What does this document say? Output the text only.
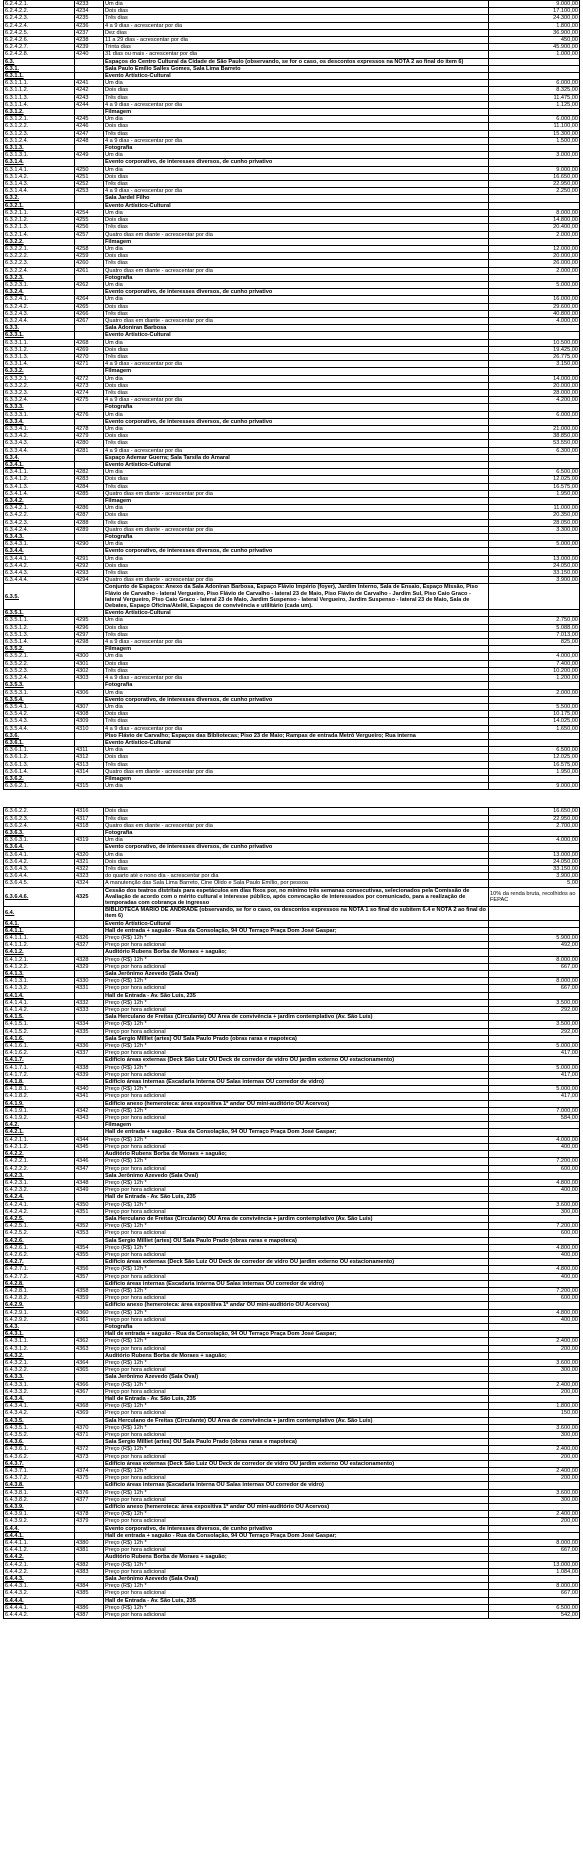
6.2.4.2.1.	4233	Um dia	9.000,00
6.2.4.2.2.	4234	Dois dias	17.100,00
6.2.4.2.3.	4235	Três dias	24.300,00
6.2.4.2.4.	4236	4 a 9 dias - acrescentar por dia	1.800,00
6.2.4.2.5.	4237	Dez dias	36.900,00
6.2.4.2.6.	4238	11 a 29 dias - acrescentar por dia	450,00
6.2.4.2.7.	4239	Trinta dias	45.900,00
6.2.4.2.8.	4240	31 dias ou mais - acrescentar por dia	1.000,00
6.3.		Espaços do Centro Cultural da Cidade de São Paulo (observando, se for o caso, os descontos expressos na NOTA 2 ao final do item 6)	
6.3.1.		Sala Paulo Emílio Salles Gomes, Sala Lima Barreto	
6.3.1.1.		Evento Artístico-Cultural	
6.3.1.1.1.	4241	Um dia	6.000,00
6.3.1.1.2.	4242	Dois dias	8.325,00
6.3.1.1.3.	4243	Três dias	11.475,00
6.3.1.1.4.	4244	4 a 9 dias - acrescentar por dia	1.125,00
6.3.1.2.		Filmagem	
6.3.1.2.1.	4245	Um dia	6.000,00
6.3.1.2.2.	4246	Dois dias	11.100,00
6.3.1.2.3.	4247	Três dias	15.300,00
6.3.1.2.4.	4248	4 a 9 dias - acrescentar por dia	1.500,00
6.3.1.3.		Fotografia	
6.3.1.3.1.	4249	Um dia	3.000,00
6.3.1.4.		Evento corporativo, de interesses diversos, de cunho privativo	
6.3.1.4.1.	4250	Um dia	9.000,00
6.3.1.4.2.	4251	Dois dias	16.650,00
6.3.1.4.3.	4252	Três dias	22.950,00
6.3.1.4.4.	4253	4 a 9 dias - acrescentar por dia	2.250,00
6.3.2.		Sala Jardel Filho	
6.3.2.1.		Evento Artístico-Cultural	
6.3.2.1.1.	4254	Um dia	8.000,00
6.3.2.1.2.	4255	Dois dias	14.800,00
6.3.2.1.3.	4256	Três dias	20.400,00
6.3.2.1.4.	4257	Quatro dias em diante - acrescentar por dia	2.000,00
6.3.2.2.		Filmagem	
6.3.2.2.1.	4258	Um dia	12.000,00
6.3.2.2.2.	4259	Dois dias	20.000,00
6.3.2.2.3.	4260	Três dias	26.000,00
6.3.2.2.4.	4261	Quatro dias em diante - acrescentar por dia	2.000,00
6.3.2.3.		Fotografia	
6.3.2.3.1.	4262	Um dia	5.000,00
6.3.2.4.		Evento corporativo, de interesses diversos, de cunho privativo	
6.3.2.4.1.	4264	Um dia	16.000,00
6.3.2.4.2.	4265	Dois dias	29.600,00
6.3.2.4.3.	4266	Três dias	40.800,00
6.3.2.4.4.	4267	Quatro dias em diante - acrescentar por dia	4.000,00
6.3.3.		Sala Adoniran Barbosa	
6.3.3.1.		Evento Artístico-Cultural	
6.3.3.1.1.	4268	Um dia	10.500,00
6.3.3.1.2.	4269	Dois dias	19.425,00
6.3.3.1.3.	4270	Três dias	26.775,00
6.3.3.1.4.	4271	4 a 9 dias - acrescentar por dia	3.150,00
6.3.3.2.		Filmagem	
6.3.3.2.1.	4272	Um dia	14.000,00
6.3.3.2.2.	4273	Dois dias	20.000,00
6.3.3.2.3.	4274	Três dias	28.000,00
6.3.3.2.4.	4275	4 a 9 dias - acrescentar por dia	4.200,00
6.3.3.3.		Fotografia	
6.3.3.3.1.	4276	Um dia	6.000,00
6.3.3.4.		Evento corporativo, de interesses diversos, de cunho privativo	
6.3.3.4.1.	4278	Um dia	21.000,00
6.3.3.4.2.	4279	Dois dias	38.850,00
6.3.3.4.3.	4280	Três dias	53.550,00
6.3.3.4.4.	4281	4 a 9 dias - acrescentar por dia	6.300,00
6.3.4.		Espaço Ademar Guerra; Sala Tarsila do Amaral	
6.3.4.1.		Evento Artístico-Cultural	
6.3.4.1.1.	4282	Um dia	6.500,00
6.3.4.1.2.	4283	Dois dias	12.025,00
6.3.4.1.3.	4284	Três dias	16.575,00
6.3.4.1.4.	4285	Quatro dias em diante - acrescentar por dia	1.950,00
6.3.4.2.		Filmagem	
6.3.4.2.1.	4286	Um dia	11.000,00
6.3.4.2.2.	4287	Dois dias	20.350,00
6.3.4.2.3.	4288	Três dias	28.050,00
6.3.4.2.4.	4289	Quatro dias em diante - acrescentar por dia	3.300,00
6.3.4.3.		Fotografia	
6.3.4.3.1.	4290	Um dia	5.000,00
6.3.4.4.		Evento corporativo, de interesses diversos, de cunho privativo	
6.3.4.4.1.	4291	Um dia	13.000,00
6.3.4.4.2.	4292	Dois dias	24.050,00
6.3.4.4.3.	4293	Três dias	33.150,00
6.3.4.4.4.	4294	Quatro dias em diante - acrescentar por dia	3.900,00
6.3.5.		Conjunto de Espaços: Anexo da Sala Adoniran Barbosa, Espaço Flávio Império (foyer), Jardim Interno, Sala de Ensaio, Espaço Missão, Piso Flávio de Carvalho - lateral Vergueiro, Piso Flávio de Carvalho - lateral 23 de Maio, Piso Flávio de Carvalho - Jardim Sul, Piso Caio Graco - lateral Vergueiro, Piso Caio Graco - lateral 23 de Maio, Jardim Suspenso - lateral Vergueiro, Jardim Suspenso - lateral 23 de Maio, Sala de Debates, Espaço Oficina/Ateliê, Espaços de convivência e utilitário (cada um).	
6.3.5.1.		Evento Artístico-Cultural	
6.3.5.1.1.	4295	Um dia	2.750,00
6.3.5.1.2.	4296	Dois dias	5.088,00
6.3.5.1.3.	4297	Três dias	7.013,00
6.3.5.1.4.	4298	4 a 9 dias - acrescentar por dia	825,00
6.3.5.2.		Filmagem	
6.3.5.2.1.	4300	Um dia	4.000,00
6.3.5.2.2.	4301	Dois dias	7.400,00
6.3.5.2.3.	4302	Três dias	10.200,00
6.3.5.2.4.	4303	4 a 9 dias - acrescentar por dia	1.200,00
6.3.5.3.		Fotografia	
6.3.5.3.1.	4306	Um dia	2.000,00
6.3.5.4.		Evento corporativo, de interesses diversos, de cunho privativo	
6.3.5.4.1.	4307	Um dia	5.500,00
6.3.5.4.2.	4308	Dois dias	10.175,00
6.3.5.4.3.	4309	Três dias	14.025,00
6.3.5.4.4.	4310	4 a 9 dias - acrescentar por dia	1.650,00
6.3.6.		Piso Flávio de Carvalho; Espaços das Bibliotecas; Piso 23 de Maio; Rampas de entrada Metrô Vergueiro; Rua interna	
6.3.6.1.		Evento Artístico-Cultural	
6.3.6.1.1.	4311	Um dia	6.500,00
6.3.6.1.2.	4312	Dois dias	12.025,00
6.3.6.1.3.	4313	Três dias	16.575,00
6.3.6.1.4.	4314	Quatro dias em diante - acrescentar por dia	1.950,00
6.3.6.2.		Filmagem	
6.3.6.2.1.	4315	Um dia	9.000,00
6.3.6.2.2.	4316	Dois dias	16.650,00
6.3.6.2.3.	4317	Três dias	22.950,00
6.3.6.2.4.	4318	Quatro dias em diante - acrescentar por dia	2.700,00
6.3.6.3.		Fotografia	
6.3.6.3.1.	4319	Um dia	4.000,00
6.3.6.4.		Evento corporativo, de interesses diversos, de cunho privativo	
6.3.6.4.1.	4320	Um dia	13.000,00
6.3.6.4.2.	4321	Dois dias	24.050,00
6.3.6.4.3.	4322	Três dias	33.150,00
6.3.6.4.4.	4323	do quarto até o nono dia - acrescentar por dia	3.900,00
6.3.6.4.5.	4324	A manutenção das Sala Lima Barreto, Cine Olido e Sala Paulo Emílio, por pessoa	5,00
6.3.6.4.6.	4325	Cessão dos teatros distritais para espetáculos em dias fixos por, no mínimo três semanas consecutivas, selecionados pela Comissão de Avaliação de acordo com o mérito cultural e interesse público, após convocação de interessados por comunicado, para a realização de temporadas com cobrança de ingresso	10% da renda bruta, recolhidos ao FEPAC
6.4.		BIBLIOTECA MÁRIO DE ANDRADE (observando, se for o caso, os descontos expressos na NOTA 1 so final do subitem 6.4 e NOTA 2 ao final do item 6)	
6.4.1.		Evento Artístico-Cultural	
6.4.1.1.		Hall de entrada + saguão - Rua da Consolação, 94 OU Terraço Praça Dom José Gaspar;	
6.4.1.1.1.	4326	Preço (R$) 12h *	5.900,00
6.4.1.1.2.	4327	Preço por hora adicional	492,00
6.4.1.2.		Auditório Rubens Borba de Moraes + saguão;	
6.4.1.2.1.	4328	Preço (R$) 12h *	8.000,00
6.4.1.2.2.	4329	Preço por hora adicional	667,00
6.4.1.3.		Sala Jerônimo Azevedo (Sala Oval)	
6.4.1.3.1.	4330	Preço (R$) 12h *	8.000,00
6.4.1.3.2.	4331	Preço por hora adicional	667,00
6.4.1.4.		Hall de Entrada - Av. São Luis, 235	
6.4.1.4.1.	4332	Preço (R$) 12h *	3.500,00
6.4.1.4.2.	4333	Preço por hora adicional	292,00
6.4.1.5.		Sala Herculano de Freitas (Circulante) OU Área de convivência + jardim contemplativo (Av. São Luis)	
6.4.1.5.1.	4334	Preço (R$) 12h *	3.500,00
6.4.1.5.2.	4335	Preço por hora adicional	292,00
6.4.1.6.		Sala Sergio Milliet (artes) OU Sala Paulo Prado (obras raras e mapoteca)	
6.4.1.6.1.	4336	Preço (R$) 12h *	5.000,00
6.4.1.6.2.	4337	Preço por hora adicional	417,00
6.4.1.7.		Edifício áreas externas (Deck São Luiz OU Deck de corredor de vidro OU jardim externo OU estacionamento)	
6.4.1.7.1.	4338	Preço (R$) 12h *	5.000,00
6.4.1.7.2.	4339	Preço por hora adicional	417,00
6.4.1.8.		Edifício áreas internas (Escadaria interna OU Salas internas OU corredor de vidro)	
6.4.1.8.1.	4340	Preço (R$) 12h *	5.000,00
6.4.1.8.2.	4341	Preço por hora adicional	417,00
6.4.1.9.		Edifício anexo (hemeroteca: área expositiva 1º andar OU mini-auditório OU Acervos)	
6.4.1.9.1.	4342	Preço (R$) 12h *	7.000,00
6.4.1.9.2.	4343	Preço por hora adicional	584,00
6.4.2.		Filmagem	
6.4.2.1.		Hall de entrada + saguão - Rua da Consolação, 94 OU Terraço Praça Dom José Gaspar;	
6.4.2.1.1.	4344	Preço (R$) 12h *	4.000,00
6.4.2.1.2.	4345	Preço por hora adicional	400,00
6.4.2.2.		Auditório Rubens Borba de Moraes + saguão;	
6.4.2.2.1.	4346	Preço (R$) 12h *	7.200,00
6.4.2.2.2.	4347	Preço por hora adicional	600,00
6.4.2.3.		Sala Jerônimo Azevedo (Sala Oval)	
6.4.2.3.1.	4348	Preço (R$) 12h *	4.800,00
6.4.2.3.2.	4349	Preço por hora adicional	400,00
6.4.2.4.		Hall de Entrada - Av. São Luis, 235	
6.4.2.4.1.	4350	Preço (R$) 12h *	3.600,00
6.4.2.4.2.	4351	Preço por hora adicional	300,00
6.4.2.5.		Sala Herculano de Freitas (Circulante) OU Área de convivência + jardim contemplativo (Av. São Luis)	
6.4.2.5.1.	4352	Preço (R$) 12h *	7.200,00
6.4.2.5.2.	4353	Preço por hora adicional	600,00
6.4.2.6.		Sala Sergio Milliet (artes) OU Sala Paulo Prado (obras raras e mapoteca)	
6.4.2.6.1.	4354	Preço (R$) 12h *	4.800,00
6.4.2.6.2.	4355	Preço por hora adicional	400,00
6.4.2.7.		Edifício áreas externas (Deck São Luiz OU Deck de corredor de vidro OU jardim externo OU estacionamento)	
6.4.2.7.1.	4356	Preço (R$) 12h *	4.800,00
6.4.2.7.2.	4357	Preço por hora adicional	400,00
6.4.2.8.		Edifício áreas internas (Escadaria interna OU Salas internas OU corredor de vidro)	
6.4.2.8.1.	4358	Preço (R$) 12h *	7.200,00
6.4.2.8.2.	4359	Preço por hora adicional	600,00
6.4.2.9.		Edifício anexo (hemeroteca: área expositiva 1º andar OU mini-auditório OU Acervos)	
6.4.2.9.1.	4360	Preço (R$) 12h *	4.800,00
6.4.2.9.2.	4361	Preço por hora adicional	400,00
6.4.3.		Fotografia	
6.4.3.1.		Hall de entrada + saguão - Rua da Consolação, 94 OU Terraço Praça Dom José Gaspar;	
6.4.3.1.1.	4362	Preço (R$) 12h *	2.400,00
6.4.3.1.2.	4363	Preço por hora adicional	200,00
6.4.3.2.		Auditório Rubens Borba de Moraes + saguão;	
6.4.3.2.1.	4364	Preço (R$) 12h *	3.600,00
6.4.3.2.2.	4365	Preço por hora adicional	300,00
6.4.3.3.		Sala Jerônimo Azevedo (Sala Oval)	
6.4.3.3.1.	4366	Preço (R$) 12h *	2.400,00
6.4.3.3.2.	4367	Preço por hora adicional	200,00
6.4.3.4.		Hall de Entrada - Av. São Luis, 235	
6.4.3.4.1.	4368	Preço (R$) 12h *	1.800,00
6.4.3.4.2.	4369	Preço por hora adicional	150,00
6.4.3.5.		Sala Herculano de Freitas (Circulante) OU Área de convivência + jardim contemplativo (Av. São Luis)	
6.4.3.5.1.	4370	Preço (R$) 12h *	3.600,00
6.4.3.5.2.	4371	Preço por hora adicional	300,00
6.4.3.6.		Sala Sergio Milliet (artes) OU Sala Paulo Prado (obras raras e mapoteca)	
6.4.3.6.1.	4372	Preço (R$) 12h *	2.400,00
6.4.3.6.2.	4373	Preço por hora adicional	200,00
6.4.3.7.		Edifício áreas externas (Deck São Luiz OU Deck de corredor de vidro OU jardim externo OU estacionamento)	
6.4.3.7.1.	4374	Preço (R$) 12h *	2.400,00
6.4.3.7.2.	4375	Preço por hora adicional	200,00
6.4.3.8.		Edifício áreas internas (Escadaria interna OU Salas internas OU corredor de vidro)	
6.4.3.8.1.	4376	Preço (R$) 12h *	3.600,00
6.4.3.8.2.	4377	Preço por hora adicional	300,00
6.4.3.9.		Edifício anexo (hemeroteca: área expositiva 1º andar OU mini-auditório OU Acervos)	
6.4.3.9.1.	4378	Preço (R$) 12h *	2.400,00
6.4.3.9.2.	4379	Preço por hora adicional	200,00
6.4.4.		Evento corporativo, de interesses diversos, de cunho privativo	
6.4.4.1.		Hall de entrada + saguão - Rua da Consolação, 94 OU Terraço Praça Dom José Gaspar;	
6.4.4.1.1.	4380	Preço (R$) 12h *	8.000,00
6.4.4.1.2.	4381	Preço por hora adicional	667,00
6.4.4.2.		Auditório Rubens Borba de Moraes + saguão;	
6.4.4.2.1.	4382	Preço (R$) 12h *	13.000,00
6.4.4.2.2.	4383	Preço por hora adicional	1.084,00
6.4.4.3.		Sala Jerônimo Azevedo (Sala Oval)	
6.4.4.3.1.	4384	Preço (R$) 12h *	8.000,00
6.4.4.3.2.	4385	Preço por hora adicional	667,00
6.4.4.4.		Hall de Entrada - Av. São Luis, 235	
6.4.4.4.1.	4386	Preço (R$) 12h *	6.500,00
6.4.4.4.2.	4387	Preço por hora adicional	542,00
